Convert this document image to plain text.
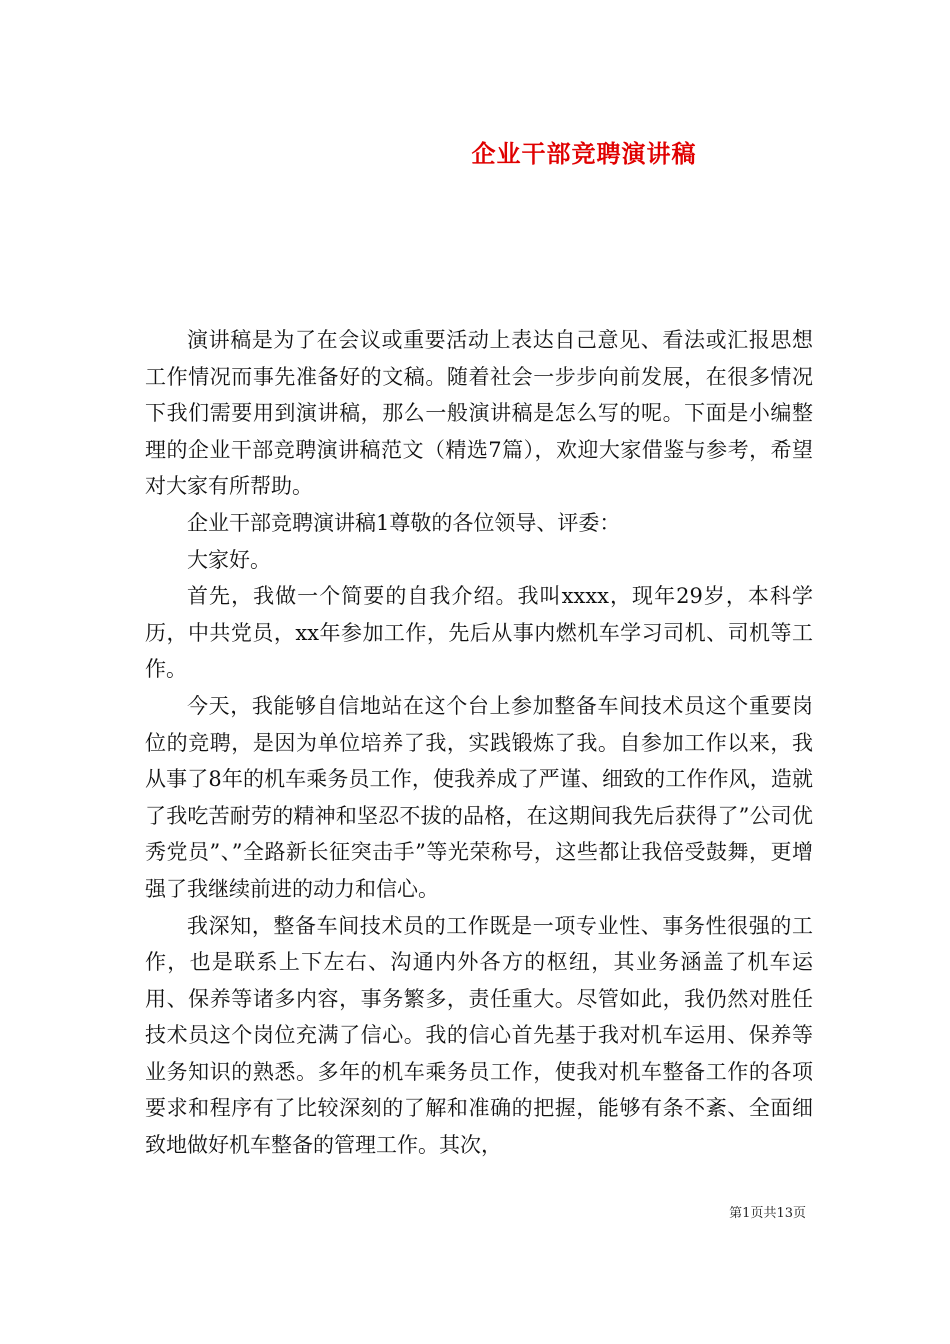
企业干部竞聘演讲稿

演讲稿是为了在会议或重要活动上表达自己意见、看法或汇报思想工作情况而事先准备好的文稿。随着社会一步步向前发展，在很多情况下我们需要用到演讲稿，那么一般演讲稿是怎么写的呢。下面是小编整理的企业干部竞聘演讲稿范文（精选7篇），欢迎大家借鉴与参考，希望对大家有所帮助。

企业干部竞聘演讲稿1尊敬的各位领导、评委：

大家好。

首先，我做一个简要的自我介绍。我叫xxxx，现年29岁，本科学历，中共党员，xx年参加工作，先后从事内燃机车学习司机、司机等工作。

今天，我能够自信地站在这个台上参加整备车间技术员这个重要岗位的竞聘，是因为单位培养了我，实践锻炼了我。自参加工作以来，我从事了8年的机车乘务员工作，使我养成了严谨、细致的工作作风，造就了我吃苦耐劳的精神和坚忍不拔的品格，在这期间我先后获得了”公司优秀党员”、”全路新长征突击手”等光荣称号，这些都让我倍受鼓舞，更增强了我继续前进的动力和信心。

我深知，整备车间技术员的工作既是一项专业性、事务性很强的工作，也是联系上下左右、沟通内外各方的枢纽，其业务涵盖了机车运用、保养等诸多内容，事务繁多，责任重大。尽管如此，我仍然对胜任技术员这个岗位充满了信心。我的信心首先基于我对机车运用、保养等业务知识的熟悉。多年的机车乘务员工作，使我对机车整备工作的各项要求和程序有了比较深刻的了解和准确的把握，能够有条不紊、全面细致地做好机车整备的管理工作。其次，

第1页共13页
